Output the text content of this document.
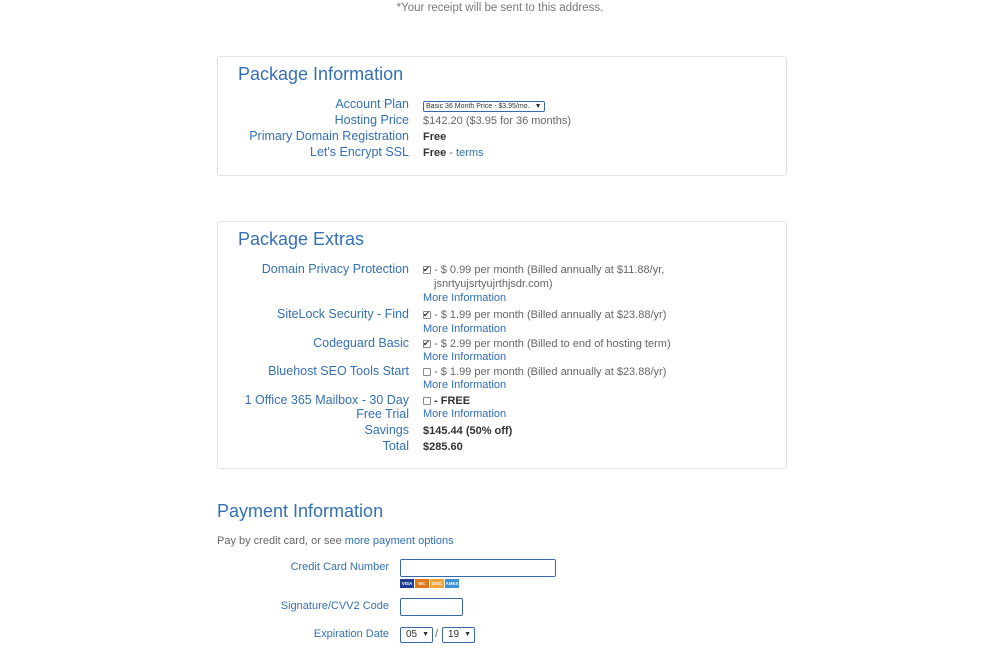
*Your receipt will be sent to this address.
Package Information
Account Plan	Basic 36 Month Price - $3.95/mo. ▼
Hosting Price $142.20 ($3.95 for 36 months)
Primary Domain Registration Free
Let's Encrypt SSL Free - terms
Package Extras
Domain Privacy Protection ✔	- $ 0.99 per month (Billed annually at $11.88/yr,
jsnrtyujsrtyujrthjsdr.com)
More Information
SiteLock Security - Find ✔	- $ 1.99 per month (Billed annually at $23.88/yr)
More Information
Codeguard Basic ✔	- $ 2.99 per month (Billed to end of hosting term)
More Information
Bluehost SEO Tools Start	- $ 1.99 per month (Billed annually at $23.88/yr)
More Information
1 Office 365 Mailbox - 30 Day
Free Trial
- FREE
More Information
Savings $145.44 (50% off)
Total $285.60
Payment Information
Pay by credit card, or see more payment options
Credit Card Number
VISA	MC	DISC AMEX
Signature/CVV2 Code
Expiration Date	05 ▼ / 19 ▼
